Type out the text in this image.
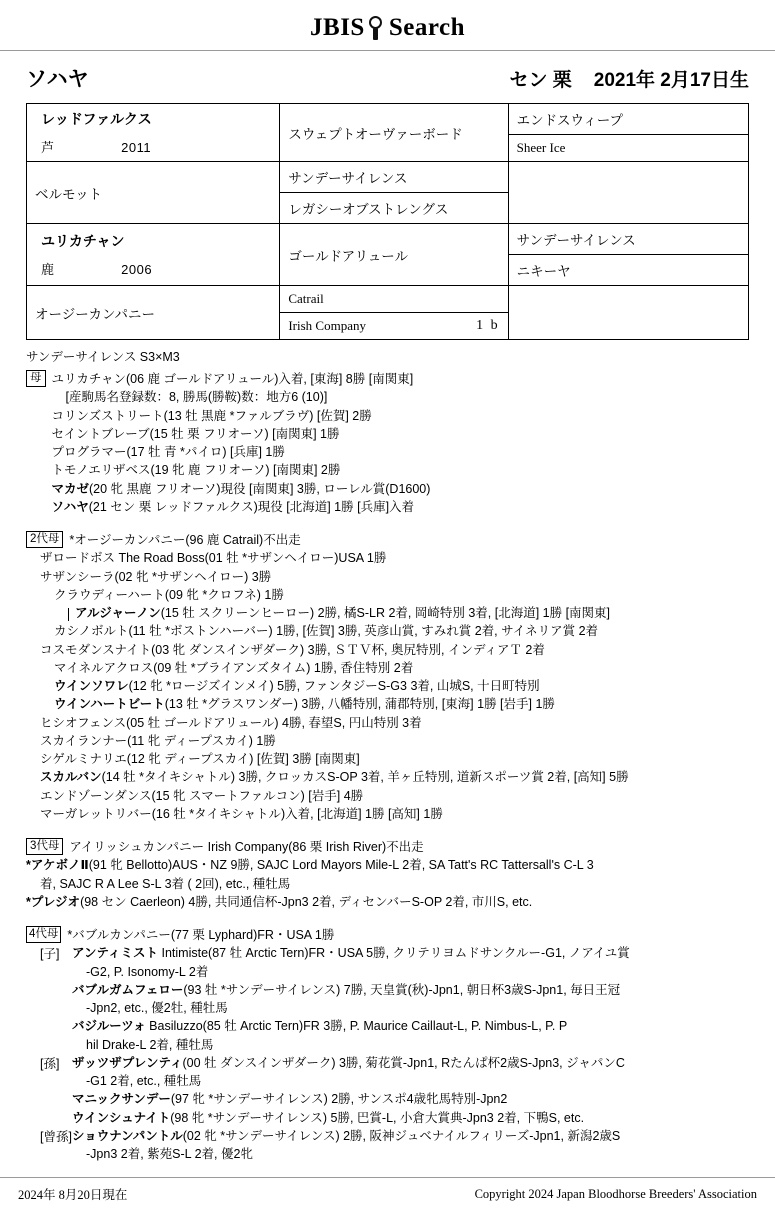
JBIS Search
ソハヤ	セン 栗 2021年 2月17日生
レッドファルクス
芦 2011	スウェプトオーヴァーボード	エンドスウィープ
		Sheer Ice
ベルモット	サンデーサイレンス	
	レガシーオブストレングス	
ユリカチャン
鹿 2006	ゴールドアリュール	サンデーサイレンス
		ニキーヤ
オージーカンパニー	Catrail	
	Irish Company 1 b	
サンデーサイレンス S3×M3
母 ユリカチャン(06 鹿 ゴールドアリュール)入着, [東海] 8勝 [南関東]
[産駒馬名登録数：8, 勝馬(勝鞍)数：地方6 (10)]
コリンズストリート(13 牡 黒鹿 *ファルブラヴ) [佐賀] 2勝
セイントブレーブ(15 牡 栗 フリオーソ) [南関東] 1勝
プログラマー(17 牡 青 *パイロ) [兵庫] 1勝
トモノエリザベス(19 牝 鹿 フリオーソ) [南関東] 2勝
マカゼ(20 牝 黒鹿 フリオーソ)現役 [南関東] 3勝, ローレル賞(D1600)
ソハヤ(21 セン 栗 レッドファルクス)現役 [北海道] 1勝 [兵庫]入着
2代母 *オージーカンパニー(96 鹿 Catrail)不出走
ザロードボス The Road Boss(01 牡 *サザンヘイロー)USA 1勝
サザンシーラ(02 牝 *サザンヘイロー) 3勝
クラウディーハート(09 牝 *クロフネ) 1勝
アルジャーノン(15 牡 スクリーンヒーロー) 2勝, 橘S-LR 2着, 岡崎特別 3着, [北海道] 1勝 [南関東]
カシノボルト(11 牡 *ボストンハーバー) 1勝, [佐賀] 3勝, 英彦山賞, すみれ賞 2着, サイネリア賞 2着
コスモダンスナイト(03 牝 ダンスインザダーク) 3勝, ＳＴＶ杯, 奥尻特別, インディアＴ 2着
マイネルアクロス(09 牡 *ブライアンズタイム) 1勝, 香住特別 2着
ウインソワレ(12 牝 *ロージズインメイ) 5勝, ファンタジーS-G3 3着, 山城S, 十日町特別
ウインハートビート(13 牡 *グラスワンダー) 3勝, 八幡特別, 蒲郡特別, [東海] 1勝 [岩手] 1勝
ヒシオフェンス(05 牡 ゴールドアリュール) 4勝, 春望S, 円山特別 3着
スカイランナー(11 牝 ディープスカイ) 1勝
シゲルミナリエ(12 牝 ディープスカイ) [佐賀] 3勝 [南関東]
スカルバン(14 牡 *タイキシャトル) 3勝, クロッカスS-OP 3着, 羊ヶ丘特別, 道新スポーツ賞 2着, [高知] 5勝
エンドゾーンダンス(15 牝 スマートファルコン) [岩手] 4勝
マーガレットリバー(16 牡 *タイキシャトル)入着, [北海道] 1勝 [高知] 1勝
3代母 アイリッシュカンパニー Irish Company(86 栗 Irish River)不出走
*アケボノⅡ(91 牝 Bellotto)AUS・NZ 9勝, SAJC Lord Mayors Mile-L 2着, SA Tatt's RC Tattersall's C-L 3
着, SAJC R A Lee S-L 3着 ( 2回), etc., 種牡馬
*プレジオ(98 セン Caerleon) 4勝, 共同通信杯-Jpn3 2着, ディセンバーS-OP 2着, 市川S, etc.
4代母 *バブルカンパニー(77 栗 Lyphard)FR・USA 1勝
[子]	アンティミスト Intimiste(87 牡 Arctic Tern)FR・USA 5勝, クリテリヨムドサンクルー-G1, ノアイユ賞
-G2, P. Isonomy-L 2着
バブルガムフェロー(93 牡 *サンデーサイレンス) 7勝, 天皇賞(秋)-Jpn1, 朝日杯3歳S-Jpn1, 毎日王冠
-Jpn2, etc., 優2牡, 種牡馬
バジルーツォ Basiluzzo(85 牡 Arctic Tern)FR 3勝, P. Maurice Caillaut-L, P. Nimbus-L, P. P
hil Drake-L 2着, 種牡馬
[孫]	ザッツザプレンティ(00 牡 ダンスインザダーク) 3勝, 菊花賞-Jpn1, Rたんぱ杯2歳S-Jpn3, ジャパンC
-G1 2着, etc., 種牡馬
マニックサンデー(97 牝 *サンデーサイレンス) 2勝, サンスポ4歳牝馬特別-Jpn2
ウインシュナイト(98 牝 *サンデーサイレンス) 5勝, 巴賞-L, 小倉大賞典-Jpn3 2着, 下鴨S, etc.
[曾孫] ショウナンパントル(02 牝 *サンデーサイレンス) 2勝, 阪神ジュベナイルフィリーズ-Jpn1, 新潟2歳S
-Jpn3 2着, 紫苑S-L 2着, 優2牝
2024年 8月20日現在	Copyright 2024 Japan Bloodhorse Breeders' Association
